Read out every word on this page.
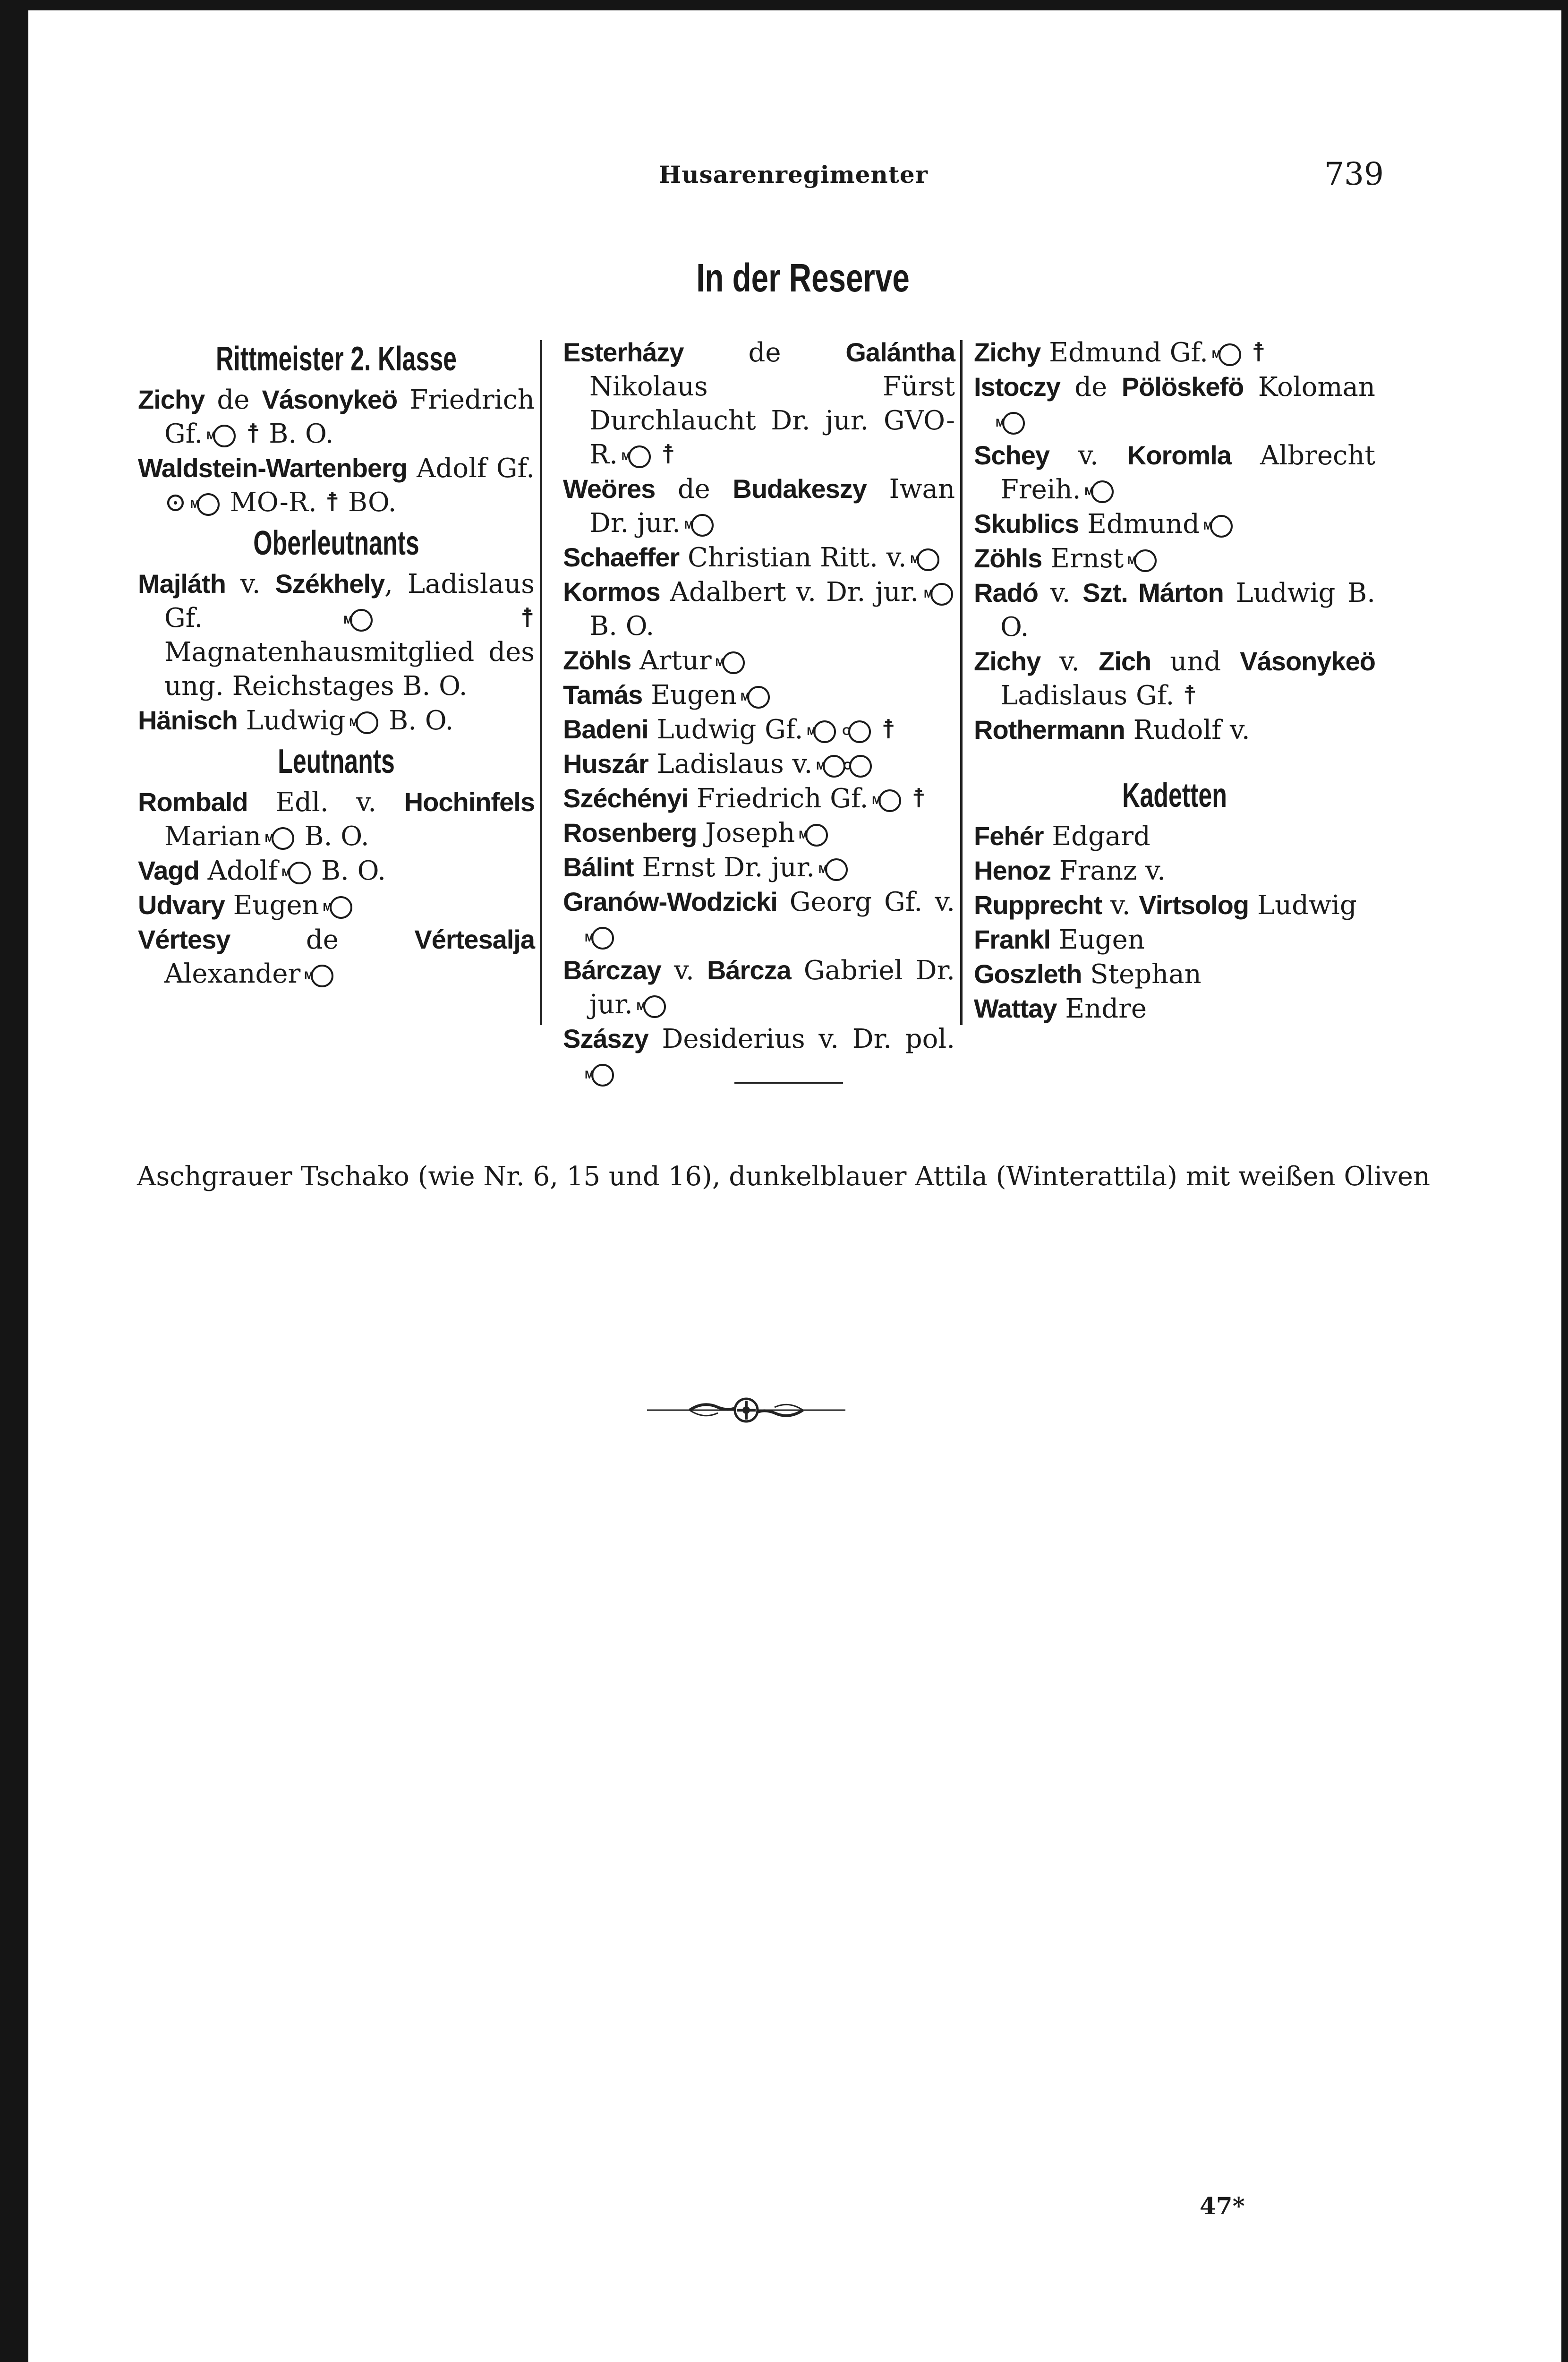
Husarenregimenter	739
In der Reserve
Rittmeister 2. Klasse
Zichy de Vásonykeö Friedrich Gf. M ☨ B. O.
Waldstein-Wartenberg Adolf Gf. ⊙ M MO-R. ☨ BO.
Oberleutnants
Majláth v. Székhely, Ladislaus Gf.	M	☨ Magnatenhausmitglied des ung. Reichstages B. O.
Hänisch Ludwig M B. O.
Leutnants
Rombald Edl. v. Hochinfels Marian M B. O.
Vagd Adolf M B. O.
Udvary Eugen M
Vértesy de Vértesalja Alexander M
Esterházy de Galántha Nikolaus Fürst Durchlaucht Dr. jur. GVO-R. M ☨
Weöres de Budakeszy Iwan Dr. jur. M
Schaeffer Christian Ritt. v. M
Kormos Adalbert v. Dr. jur. M B. O.
Zöhls Artur M
Tamás Eugen M
Badeni Ludwig Gf. M C ☨
Huszár Ladislaus v. M C
Széchényi Friedrich Gf. M ☨
Rosenberg Joseph M
Bálint Ernst Dr. jur. M
Granów-Wodzicki Georg Gf. v. M
Bárczay v. Bárcza Gabriel Dr. jur. M
Szászy Desiderius v. Dr. pol. M
Zichy Edmund Gf. M ☨
Istoczy de Pölöskefö KolomanM
Schey v. Koromla Albrecht Freih. M
Skublics Edmund M
Zöhls Ernst M
Radó v. Szt. Márton Ludwig B. O.
Zichy v. Zich und Vásonykeö Ladislaus Gf. ☨
Rothermann Rudolf v.
Kadetten
Fehér Edgard
Henoz Franz v.
Rupprecht v. Virtsolog Ludwig
Frankl Eugen
Goszleth Stephan
Wattay Endre
Aschgrauer Tschako (wie Nr. 6, 15 und 16), dunkelblauer Attila (Winterattila) mit weißen Oliven
47*
